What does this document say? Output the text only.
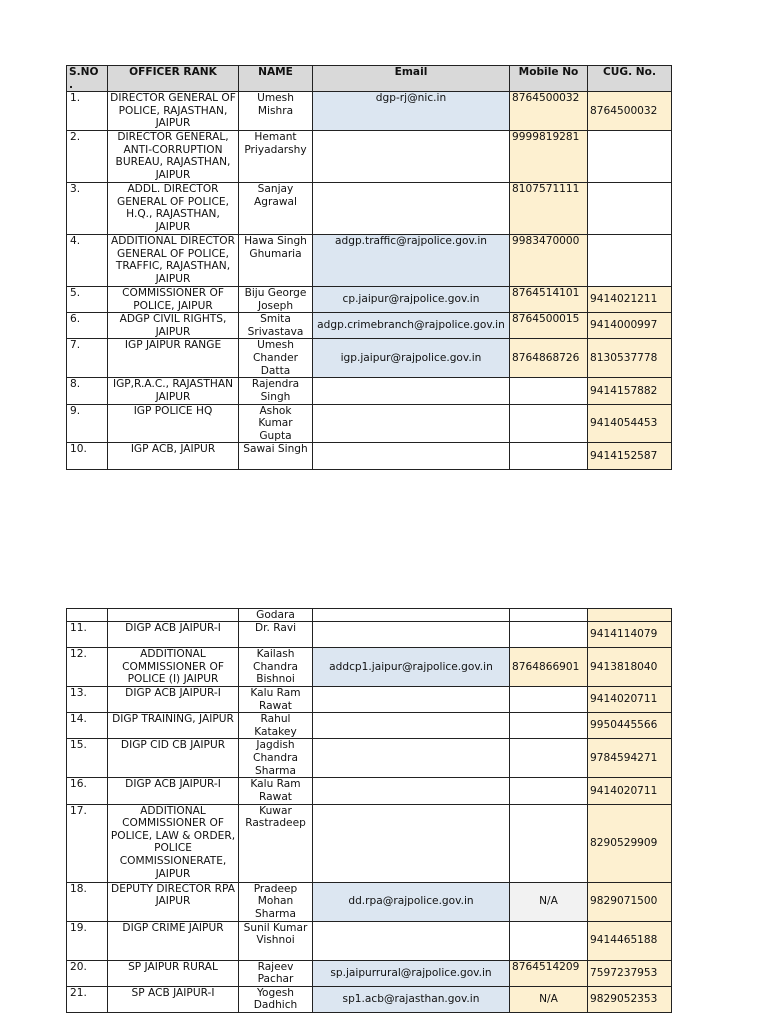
S.NO .	OFFICER RANK	NAME	Email	Mobile No	CUG. No.
1.	DIRECTOR GENERAL OF POLICE, RAJASTHAN, JAIPUR	Umesh Mishra	dgp-rj@nic.in	8764500032	8764500032
2.	DIRECTOR GENERAL, ANTI-CORRUPTION BUREAU, RAJASTHAN, JAIPUR	Hemant Priyadarshy		9999819281	
3.	ADDL. DIRECTOR GENERAL OF POLICE, H.Q., RAJASTHAN, JAIPUR	Sanjay Agrawal		8107571111	
4.	ADDITIONAL DIRECTOR GENERAL OF POLICE, TRAFFIC, RAJASTHAN, JAIPUR	Hawa Singh Ghumaria	adgp.traffic@rajpolice.gov.in	9983470000	
5.	COMMISSIONER OF POLICE, JAIPUR	Biju George Joseph	cp.jaipur@rajpolice.gov.in	8764514101	9414021211
6.	ADGP CIVIL RIGHTS, JAIPUR	Smita Srivastava	adgp.crimebranch@rajpolice.gov.in	8764500015	9414000997
7.	IGP JAIPUR RANGE	Umesh Chander Datta	igp.jaipur@rajpolice.gov.in	8764868726	8130537778
8.	IGP,R.A.C., RAJASTHAN JAIPUR	Rajendra Singh			9414157882
9.	IGP POLICE HQ	Ashok Kumar Gupta			9414054453
10.	IGP ACB, JAIPUR	Sawai Singh			9414152587
		Godara			
11.	DIGP ACB JAIPUR-I	Dr. Ravi			9414114079
12.	ADDITIONAL COMMISSIONER OF POLICE (I) JAIPUR	Kailash Chandra Bishnoi	addcp1.jaipur@rajpolice.gov.in	8764866901	9413818040
13.	DIGP ACB JAIPUR-I	Kalu Ram Rawat			9414020711
14.	DIGP TRAINING, JAIPUR	Rahul Katakey			9950445566
15.	DIGP CID CB JAIPUR	Jagdish Chandra Sharma			9784594271
16.	DIGP ACB JAIPUR-I	Kalu Ram Rawat			9414020711
17.	ADDITIONAL COMMISSIONER OF POLICE, LAW & ORDER, POLICE COMMISSIONERATE, JAIPUR	Kuwar Rastradeep			8290529909
18.	DEPUTY DIRECTOR RPA JAIPUR	Pradeep Mohan Sharma	dd.rpa@rajpolice.gov.in	N/A	9829071500
19.	DIGP CRIME JAIPUR	Sunil Kumar Vishnoi			9414465188
20.	SP JAIPUR RURAL	Rajeev Pachar	sp.jaipurrural@rajpolice.gov.in	8764514209	7597237953
21.	SP ACB JAIPUR-I	Yogesh Dadhich	sp1.acb@rajasthan.gov.in	N/A	9829052353
